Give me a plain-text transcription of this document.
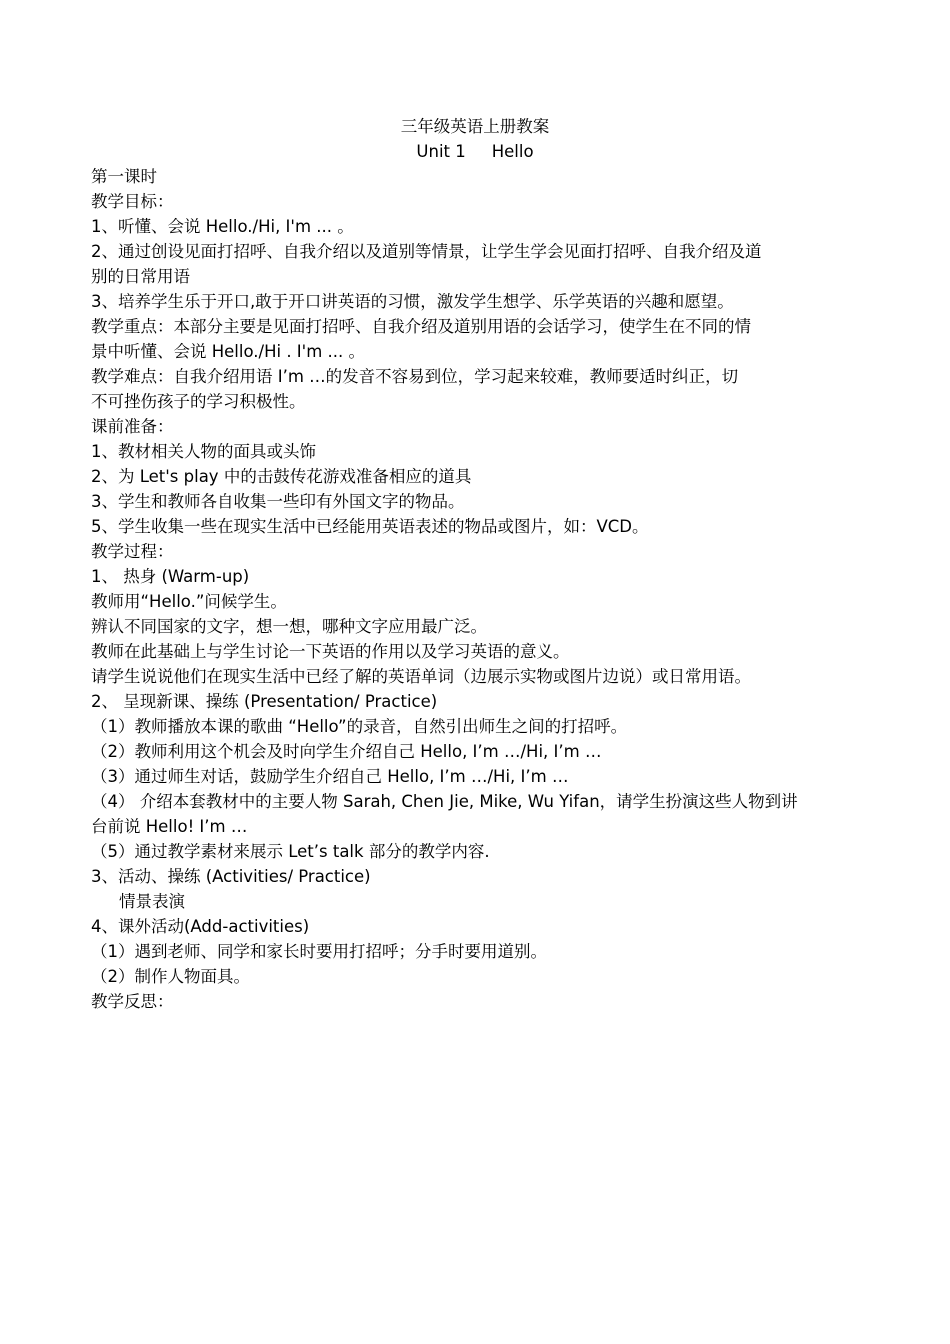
三年级英语上册教案
Unit 1 Hello
第一课时
教学目标：
1、听懂、会说 Hello./Hi, I'm ... 。
2、通过创设见面打招呼、自我介绍以及道别等情景，让学生学会见面打招呼、自我介绍及道
别的日常用语
3、培养学生乐于开口,敢于开口讲英语的习惯，激发学生想学、乐学英语的兴趣和愿望。
教学重点：本部分主要是见面打招呼、自我介绍及道别用语的会话学习，使学生在不同的情
景中听懂、会说 Hello./Hi . I'm ... 。
教学难点：自我介绍用语 I’m …的发音不容易到位，学习起来较难，教师要适时纠正，切
不可挫伤孩子的学习积极性。
课前准备：
1、教材相关人物的面具或头饰
2、为 Let's play 中的击鼓传花游戏准备相应的道具
3、学生和教师各自收集一些印有外国文字的物品。
5、学生收集一些在现实生活中已经能用英语表述的物品或图片，如：VCD。
教学过程：
1、 热身 (Warm-up)
教师用“Hello.”问候学生。
辨认不同国家的文字，想一想，哪种文字应用最广泛。
教师在此基础上与学生讨论一下英语的作用以及学习英语的意义。
请学生说说他们在现实生活中已经了解的英语单词（边展示实物或图片边说）或日常用语。
2、 呈现新课、操练 (Presentation/ Practice)
（1）教师播放本课的歌曲 “Hello”的录音，自然引出师生之间的打招呼。
（2）教师利用这个机会及时向学生介绍自己 Hello, I’m …/Hi, I’m …
（3）通过师生对话，鼓励学生介绍自己 Hello, I’m …/Hi, I’m …
（4） 介绍本套教材中的主要人物 Sarah, Chen Jie, Mike, Wu Yifan，请学生扮演这些人物到讲
台前说 Hello! I’m …
（5）通过教学素材来展示 Let’s talk 部分的教学内容.
3、活动、操练 (Activities/ Practice)
情景表演
4、课外活动(Add-activities)
（1）遇到老师、同学和家长时要用打招呼；分手时要用道别。
（2）制作人物面具。
教学反思：
